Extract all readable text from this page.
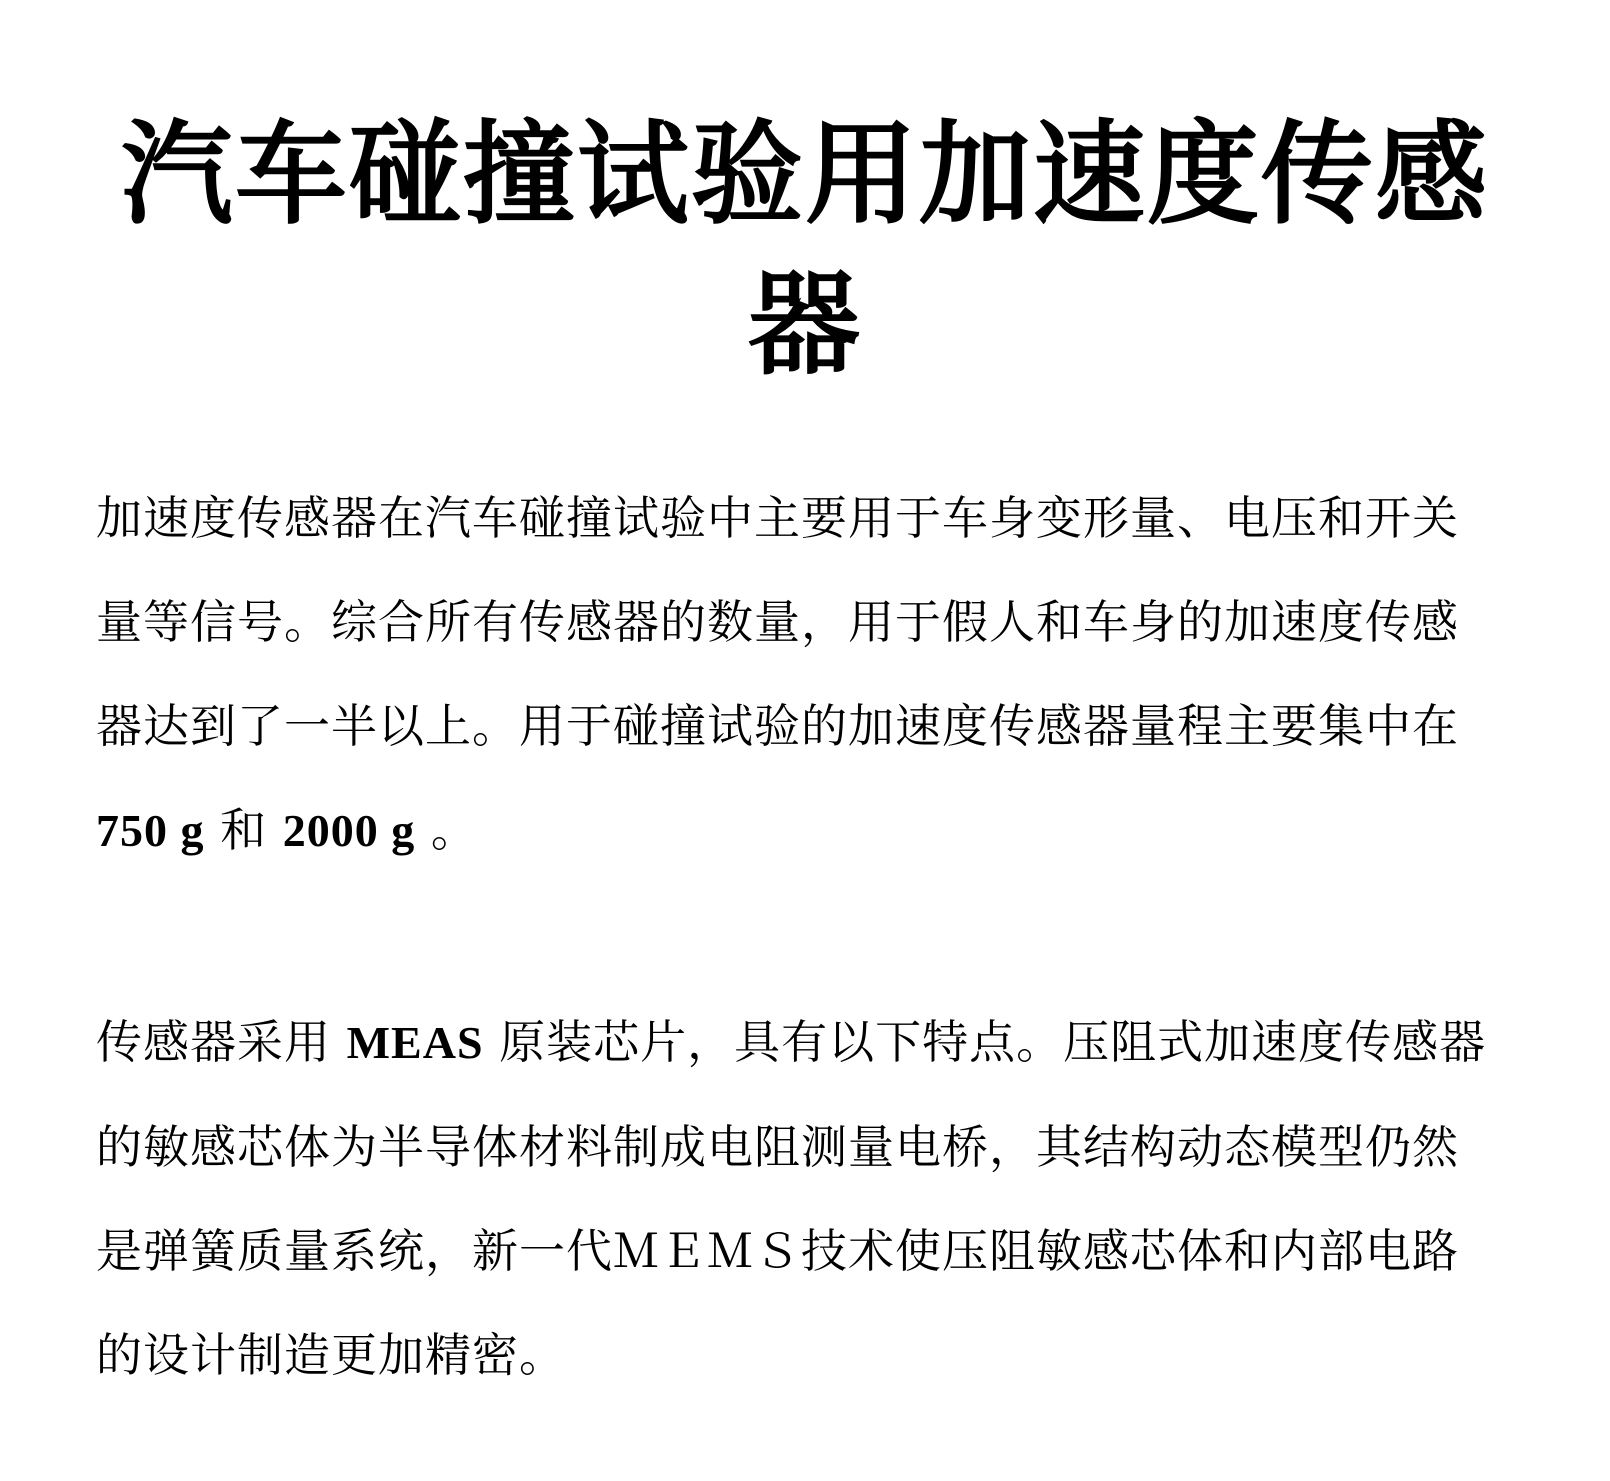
汽车碰撞试验用加速度传感器

加速度传感器在汽车碰撞试验中主要用于车身变形量、电压和开关量等信号。综合所有传感器的数量，用于假人和车身的加速度传感器达到了一半以上。用于碰撞试验的加速度传感器量程主要集中在 750 g 和 2000 g 。

传感器采用 MEAS 原装芯片，具有以下特点。压阻式加速度传感器的敏感芯体为半导体材料制成电阻测量电桥，其结构动态模型仍然是弹簧质量系统，新一代ＭＥＭＳ技术使压阻敏感芯体和内部电路的设计制造更加精密。
